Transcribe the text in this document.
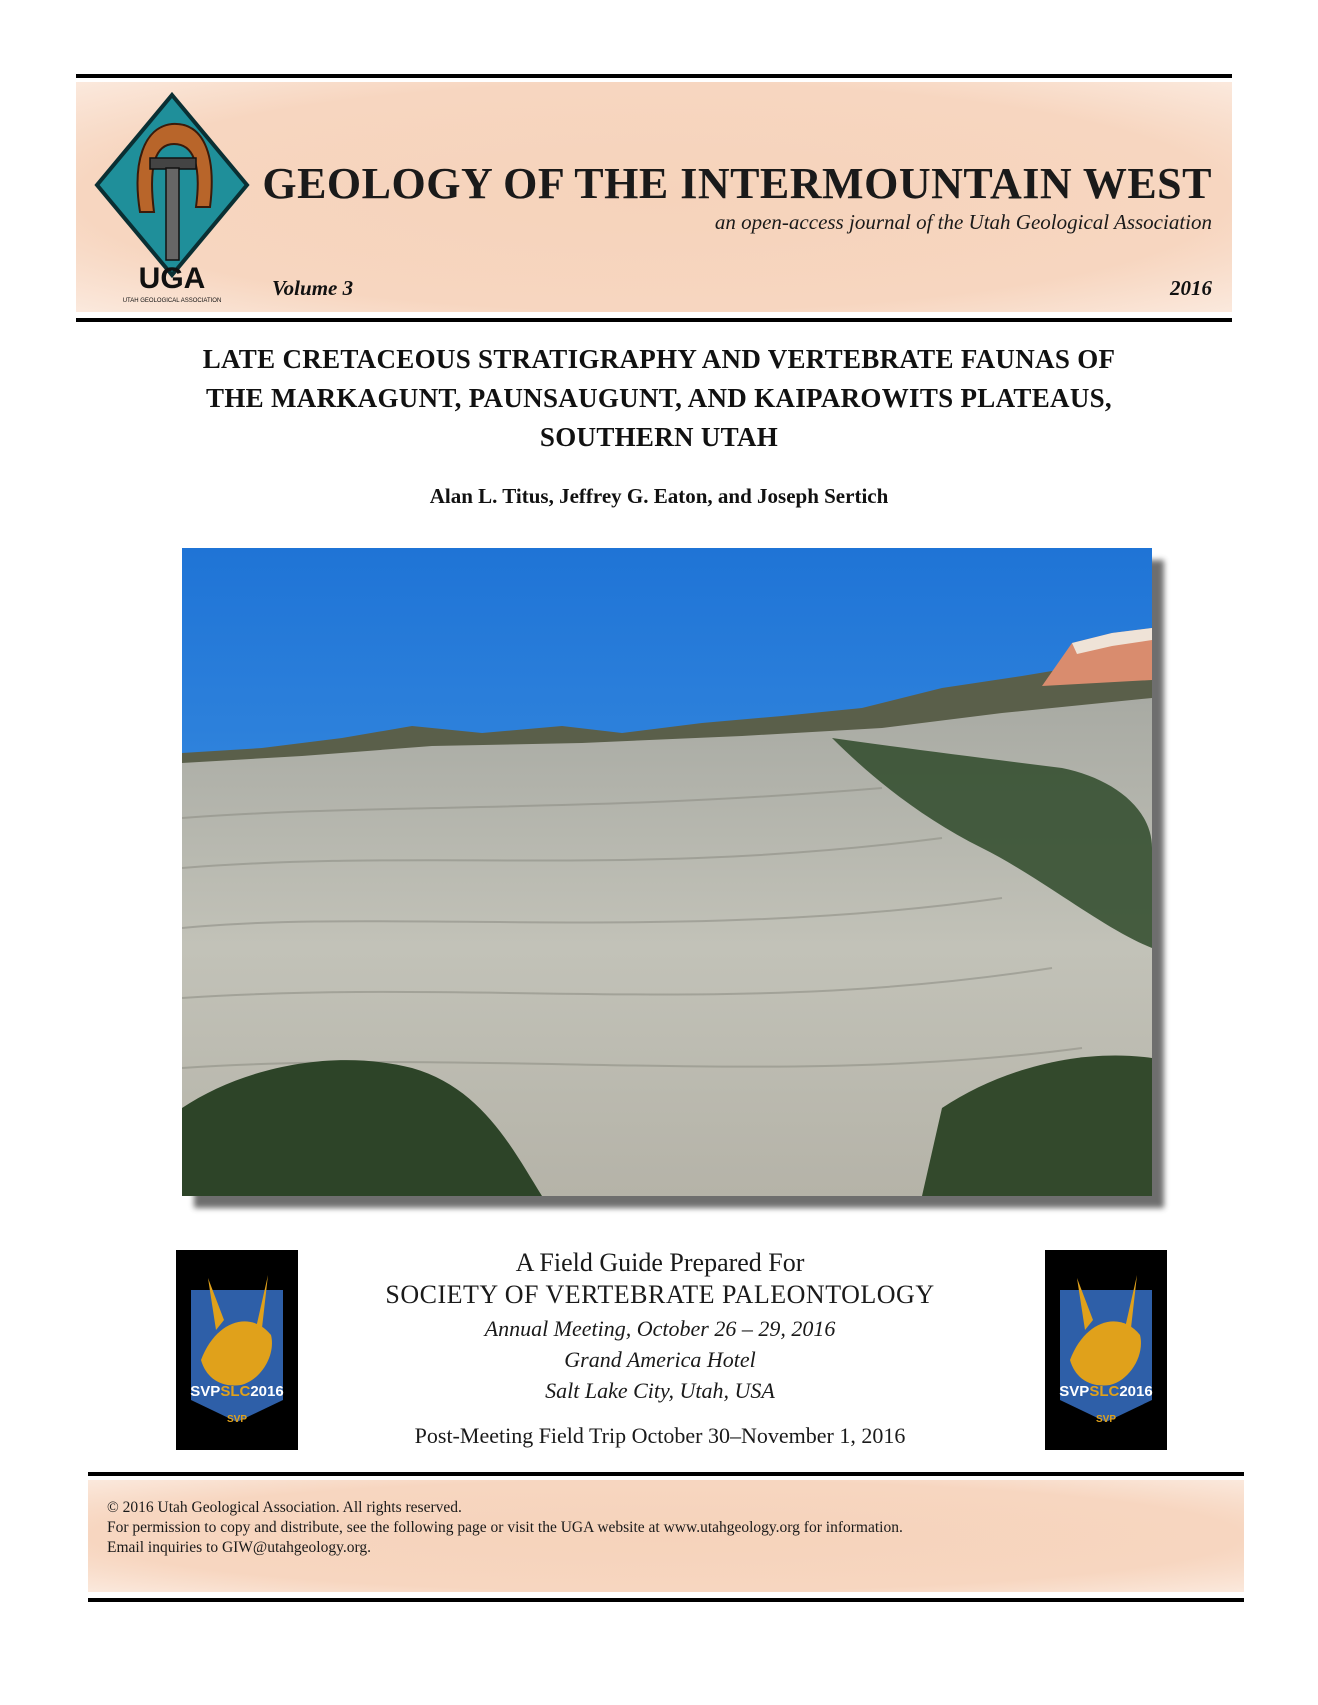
UGA
UTAH GEOLOGICAL ASSOCIATION
GEOLOGY OF THE INTERMOUNTAIN WEST
an open-access journal of the Utah Geological Association
Volume 3	2016
LATE CRETACEOUS STRATIGRAPHY AND VERTEBRATE FAUNAS OF
THE MARKAGUNT, PAUNSAUGUNT, AND KAIPAROWITS PLATEAUS,
SOUTHERN UTAH
Alan L. Titus, Jeffrey G. Eaton, and Joseph Sertich
SVPSLC2016
SVP
SVPSLC2016
SVP
A Field Guide Prepared For
SOCIETY OF VERTEBRATE PALEONTOLOGY
Annual Meeting, October 26 – 29, 2016
Grand America Hotel
Salt Lake City, Utah, USA
Post-Meeting Field Trip October 30–November 1, 2016
© 2016 Utah Geological Association. All rights reserved.
For permission to copy and distribute, see the following page or visit the UGA website at www.utahgeology.org for information.
Email inquiries to GIW@utahgeology.org.
